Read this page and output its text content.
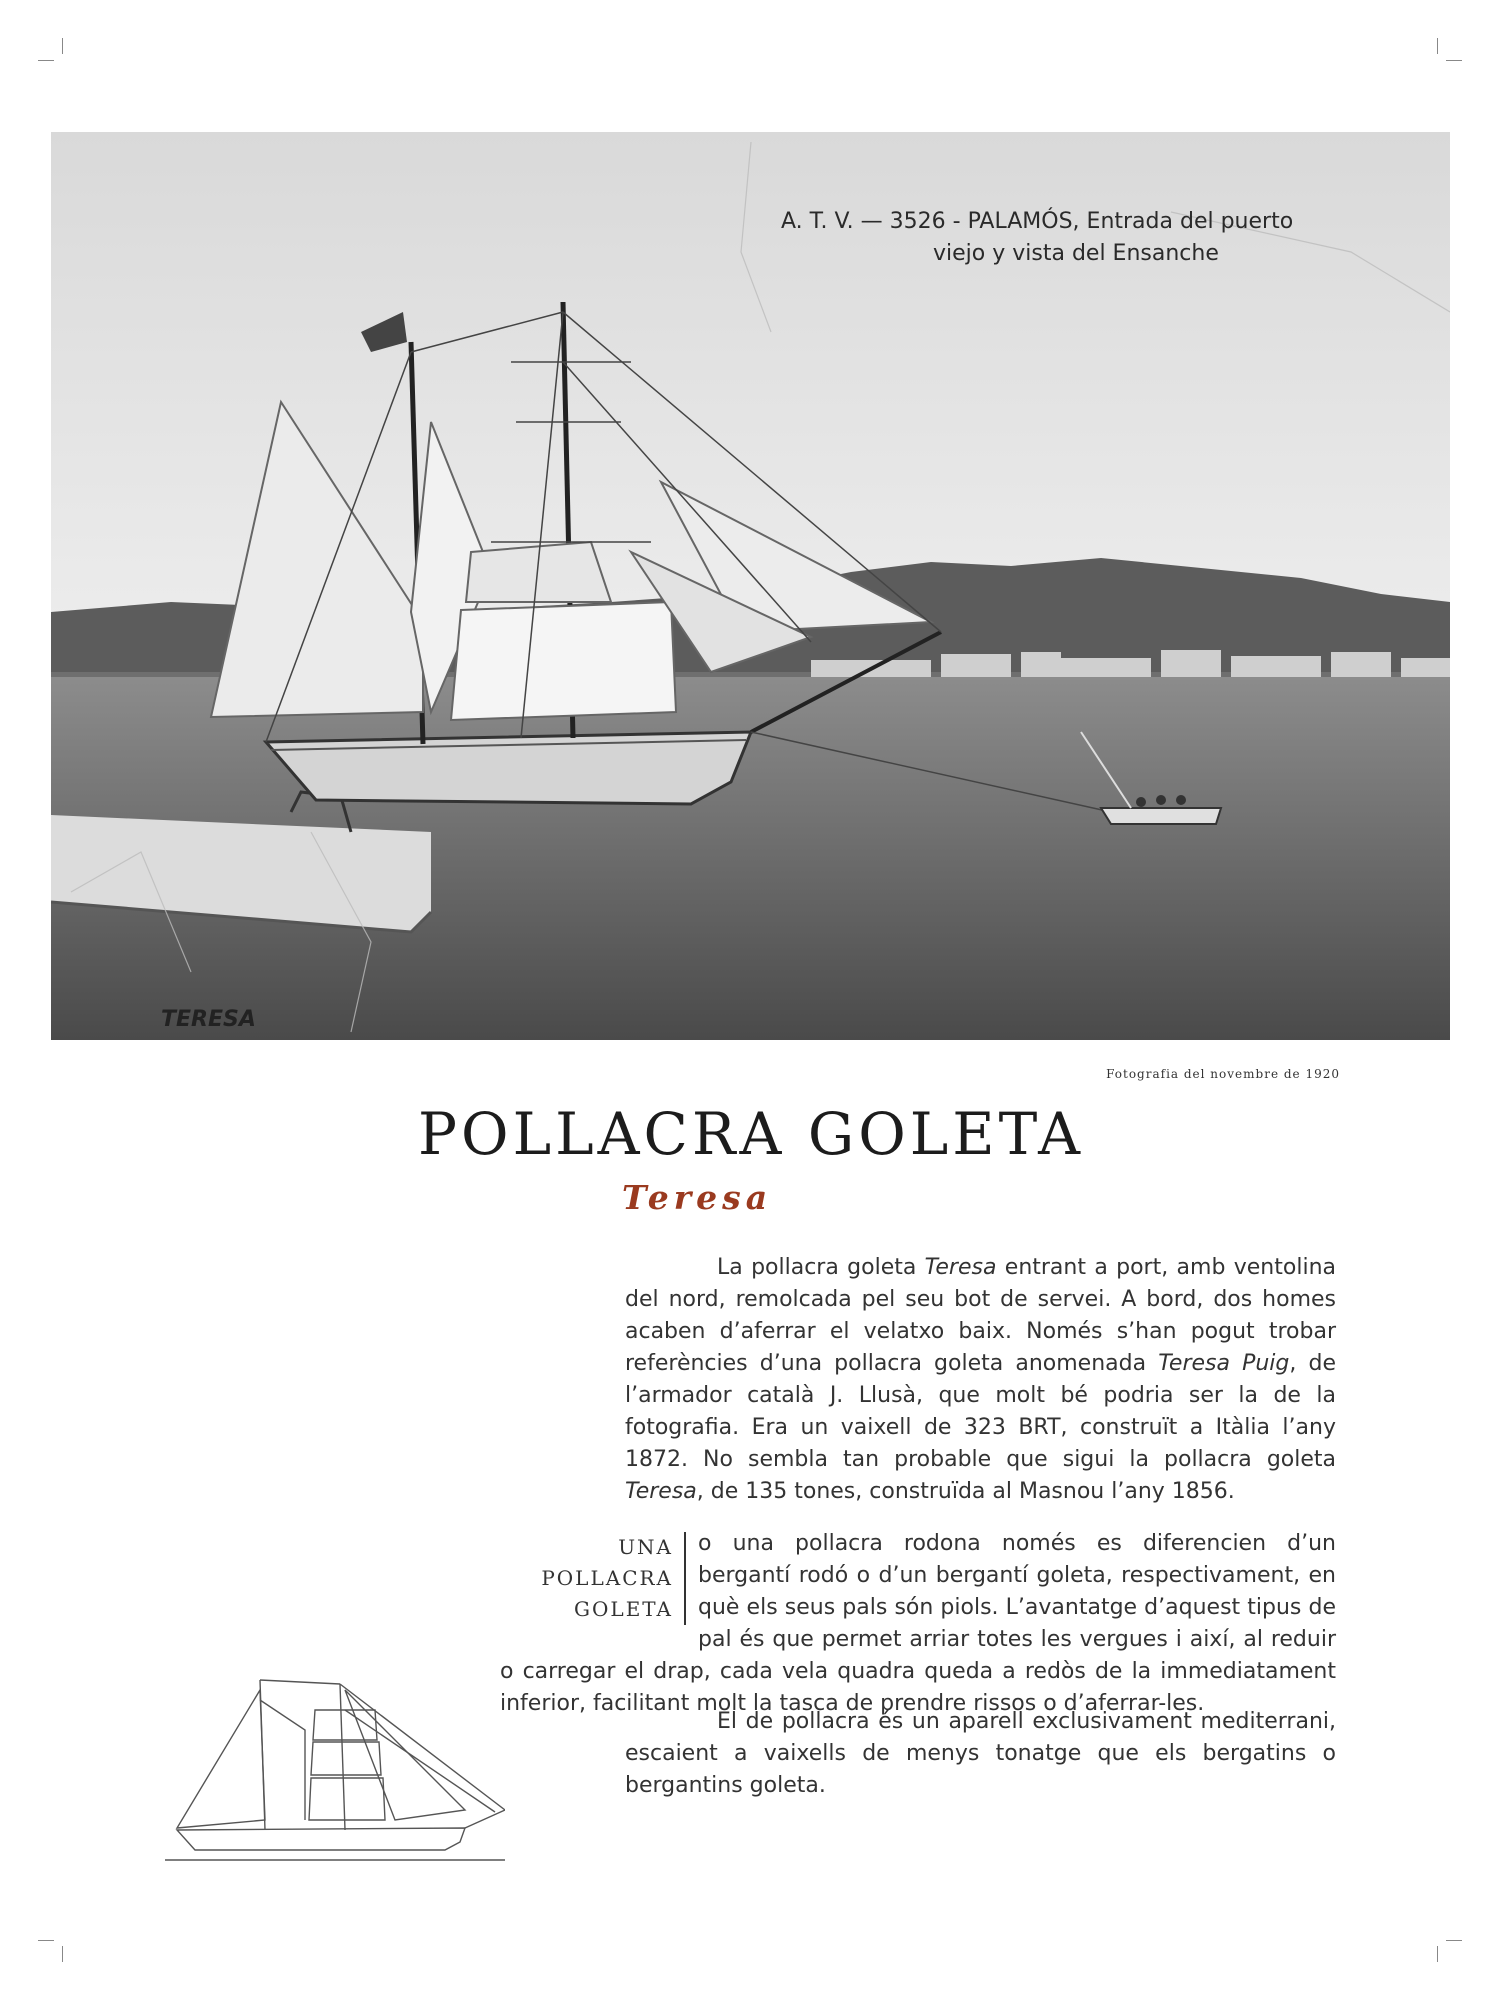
A. T. V. — 3526 - PALAMÓS, Entrada del puerto
viejo y vista del Ensanche
TERESA
Fotografia del novembre de 1920
POLLACRA GOLETA
Teresa

La pollacra goleta Teresa entrant a port, amb ventolina del nord, remolcada pel seu bot de servei. A bord, dos homes acaben d’aferrar el velatxo baix. Només s’han pogut trobar referències d’una pollacra goleta anomenada Teresa Puig, de l’armador català J. Llusà, que molt bé podria ser la de la fotografia. Era un vaixell de 323 BRT, construït a Itàlia l’any 1872. No sembla tan probable que sigui la pollacra goleta Teresa, de 135 tones, construïda al Masnou l’any 1856.

UNA
POLLACRA
GOLETA

o una pollacra rodona només es diferencien d’un bergantí rodó o d’un bergantí goleta, respectivament, en què els seus pals són piols. L’avantatge d’aquest tipus de pal és que permet arriar totes les vergues i així, al reduir o carregar el drap, cada vela quadra queda a redòs de la immediatament inferior, facilitant molt la tasca de prendre rissos o d’aferrar-les.

El de pollacra és un aparell exclusivament mediterrani, escaient a vaixells de menys tonatge que els bergatins o bergantins goleta.
